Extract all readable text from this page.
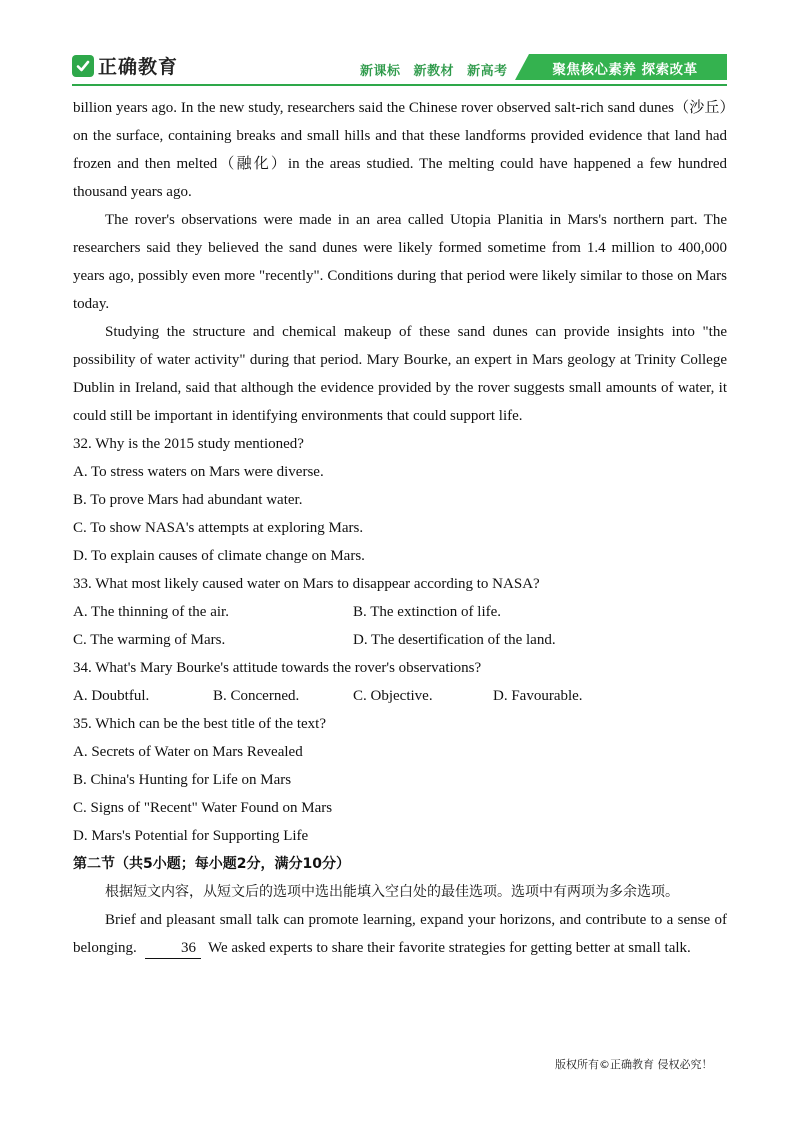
正确教育	新课标 新教材 新高考	聚焦核心素养 探索改革

billion years ago. In the new study, researchers said the Chinese rover observed salt-rich sand dunes（沙丘）on the surface, containing breaks and small hills and that these landforms provided evidence that land had frozen and then melted（融化）in the areas studied. The melting could have happened a few hundred thousand years ago.

The rover's observations were made in an area called Utopia Planitia in Mars's northern part. The researchers said they believed the sand dunes were likely formed sometime from 1.4 million to 400,000 years ago, possibly even more "recently". Conditions during that period were likely similar to those on Mars today.

Studying the structure and chemical makeup of these sand dunes can provide insights into "the possibility of water activity" during that period. Mary Bourke, an expert in Mars geology at Trinity College Dublin in Ireland, said that although the evidence provided by the rover suggests small amounts of water, it could still be important in identifying environments that could support life.

32. Why is the 2015 study mentioned?

A. To stress waters on Mars were diverse.

B. To prove Mars had abundant water.

C. To show NASA's attempts at exploring Mars.

D. To explain causes of climate change on Mars.

33. What most likely caused water on Mars to disappear according to NASA?

A. The thinning of the air.	B. The extinction of life.
C. The warming of Mars.	D. The desertification of the land.

34. What's Mary Bourke's attitude towards the rover's observations?

A. Doubtful.	B. Concerned.	C. Objective.	D. Favourable.

35. Which can be the best title of the text?

A. Secrets of Water on Mars Revealed

B. China's Hunting for Life on Mars

C. Signs of "Recent" Water Found on Mars

D. Mars's Potential for Supporting Life

第二节（共5小题；每小题2分，满分10分）

根据短文内容，从短文后的选项中选出能填入空白处的最佳选项。选项中有两项为多余选项。

Brief and pleasant small talk can promote learning, expand your horizons, and contribute to a sense of belonging.	36 We asked experts to share their favorite strategies for getting better at small talk.

版权所有©正确教育 侵权必究！
